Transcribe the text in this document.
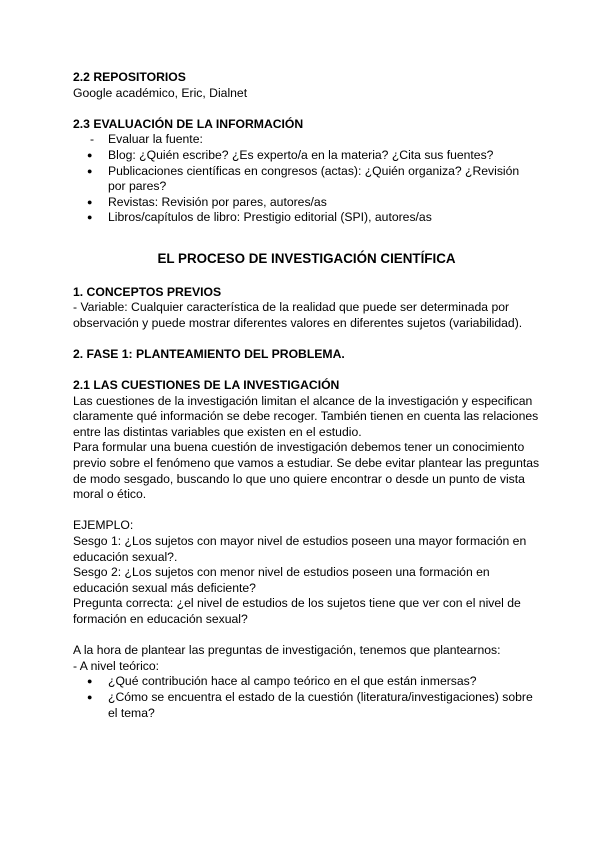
2.2 REPOSITORIOS

Google académico, Eric, Dialnet

2.3 EVALUACIÓN DE LA INFORMACIÓN

- Evaluar la fuente:
● Blog: ¿Quién escribe? ¿Es experto/a en la materia? ¿Cita sus fuentes?
● Publicaciones científicas en congresos (actas): ¿Quién organiza? ¿Revisión por pares?
● Revistas: Revisión por pares, autores/as
● Libros/capítulos de libro: Prestigio editorial (SPI), autores/as

EL PROCESO DE INVESTIGACIÓN CIENTÍFICA

1. CONCEPTOS PREVIOS

- Variable: Cualquier característica de la realidad que puede ser determinada por observación y puede mostrar diferentes valores en diferentes sujetos (variabilidad).

2. FASE 1: PLANTEAMIENTO DEL PROBLEMA.

2.1 LAS CUESTIONES DE LA INVESTIGACIÓN

Las cuestiones de la investigación limitan el alcance de la investigación y especifican claramente qué información se debe recoger. También tienen en cuenta las relaciones entre las distintas variables que existen en el estudio.

Para formular una buena cuestión de investigación debemos tener un conocimiento previo sobre el fenómeno que vamos a estudiar. Se debe evitar plantear las preguntas de modo sesgado, buscando lo que uno quiere encontrar o desde un punto de vista moral o ético.

EJEMPLO:

Sesgo 1: ¿Los sujetos con mayor nivel de estudios poseen una mayor formación en educación sexual?.

Sesgo 2: ¿Los sujetos con menor nivel de estudios poseen una formación en educación sexual más deficiente?

Pregunta correcta: ¿el nivel de estudios de los sujetos tiene que ver con el nivel de formación en educación sexual?

A la hora de plantear las preguntas de investigación, tenemos que plantearnos:

- A nivel teórico:

● ¿Qué contribución hace al campo teórico en el que están inmersas?
● ¿Cómo se encuentra el estado de la cuestión (literatura/investigaciones) sobre el tema?
